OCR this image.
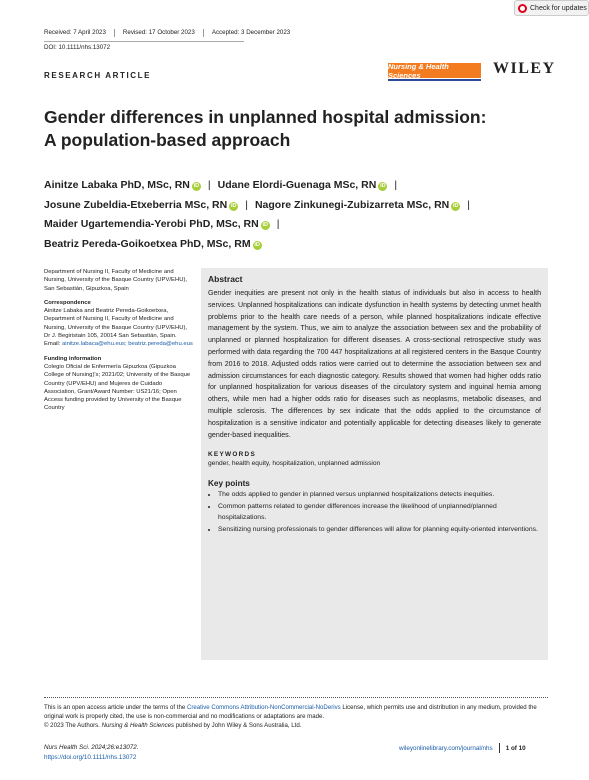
Check for updates
Received: 7 April 2023	Revised: 17 October 2023	Accepted: 3 December 2023
DOI: 10.1111/nhs.13072
RESEARCH ARTICLE
Nursing & Health Sciences	WILEY
Gender differences in unplanned hospital admission:
A population-based approach
Ainitze Labaka PhD, MSc, RN iD | Udane Elordi-Guenaga MSc, RN iD |
Josune Zubeldia-Etxeberria MSc, RN iD | Nagore Zinkunegi-Zubizarreta MSc, RN iD |
Maider Ugartemendia-Yerobi PhD, MSc, RN iD |
Beatriz Pereda-Goikoetxea PhD, MSc, RM iD
Department of Nursing II, Faculty of Medicine and Nursing, University of the Basque Country (UPV/EHU), San Sebastián, Gipuzkoa, Spain
Correspondence
Ainitze Labaka and Beatriz Pereda-Goikoetxea, Department of Nursing II, Faculty of Medicine and Nursing, University of the Basque Country (UPV/EHU), Dr J. Begiristain 105, 20014 San Sebastián, Spain.
Email: ainitze.labaca@ehu.eus; beatriz.pereda@ehu.eus
Funding information
Colegio Oficial de Enfermería Gipuzkoa (Gipuzkoa College of Nursing)'s; 2021/02; University of the Basque Country (UPV/EHU) and Mujeres de Cuidado Association, Grant/Award Number: US21/16; Open Access funding provided by University of the Basque Country
Abstract
Gender inequities are present not only in the health status of individuals but also in access to health services. Unplanned hospitalizations can indicate dysfunction in health systems by detecting unmet health problems prior to the health care needs of a person, while planned hospitalizations indicate effective management by the system. Thus, we aim to analyze the association between sex and the probability of unplanned or planned hospitalization for different diseases. A cross-sectional retrospective study was performed with data regarding the 700 447 hospitalizations at all registered centers in the Basque Country from 2016 to 2018. Adjusted odds ratios were carried out to determine the association between sex and admission circumstances for each diagnostic category. Results showed that women had higher odds ratio for unplanned hospitalization for various diseases of the circulatory system and inguinal hernia among others, while men had a higher odds ratio for diseases such as neoplasms, metabolic diseases, and multiple sclerosis. The differences by sex indicate that the odds applied to the circumstance of hospitalization is a sensitive indicator and potentially applicable for detecting diseases likely to generate gender-based inequalities.
KEYWORDS
gender, health equity, hospitalization, unplanned admission
Key points
• The odds applied to gender in planned versus unplanned hospitalizations detects inequities.
• Common patterns related to gender differences increase the likelihood of unplanned/planned hospitalizations.
• Sensitizing nursing professionals to gender differences will allow for planning equity-oriented interventions.
This is an open access article under the terms of the Creative Commons Attribution-NonCommercial-NoDerivs License, which permits use and distribution in any medium, provided the original work is properly cited, the use is non-commercial and no modifications or adaptations are made.
© 2023 The Authors. Nursing & Health Sciences published by John Wiley & Sons Australia, Ltd.
Nurs Health Sci. 2024;26:e13072.
https://doi.org/10.1111/nhs.13072
wileyonlinelibrary.com/journal/nhs 1 of 10
